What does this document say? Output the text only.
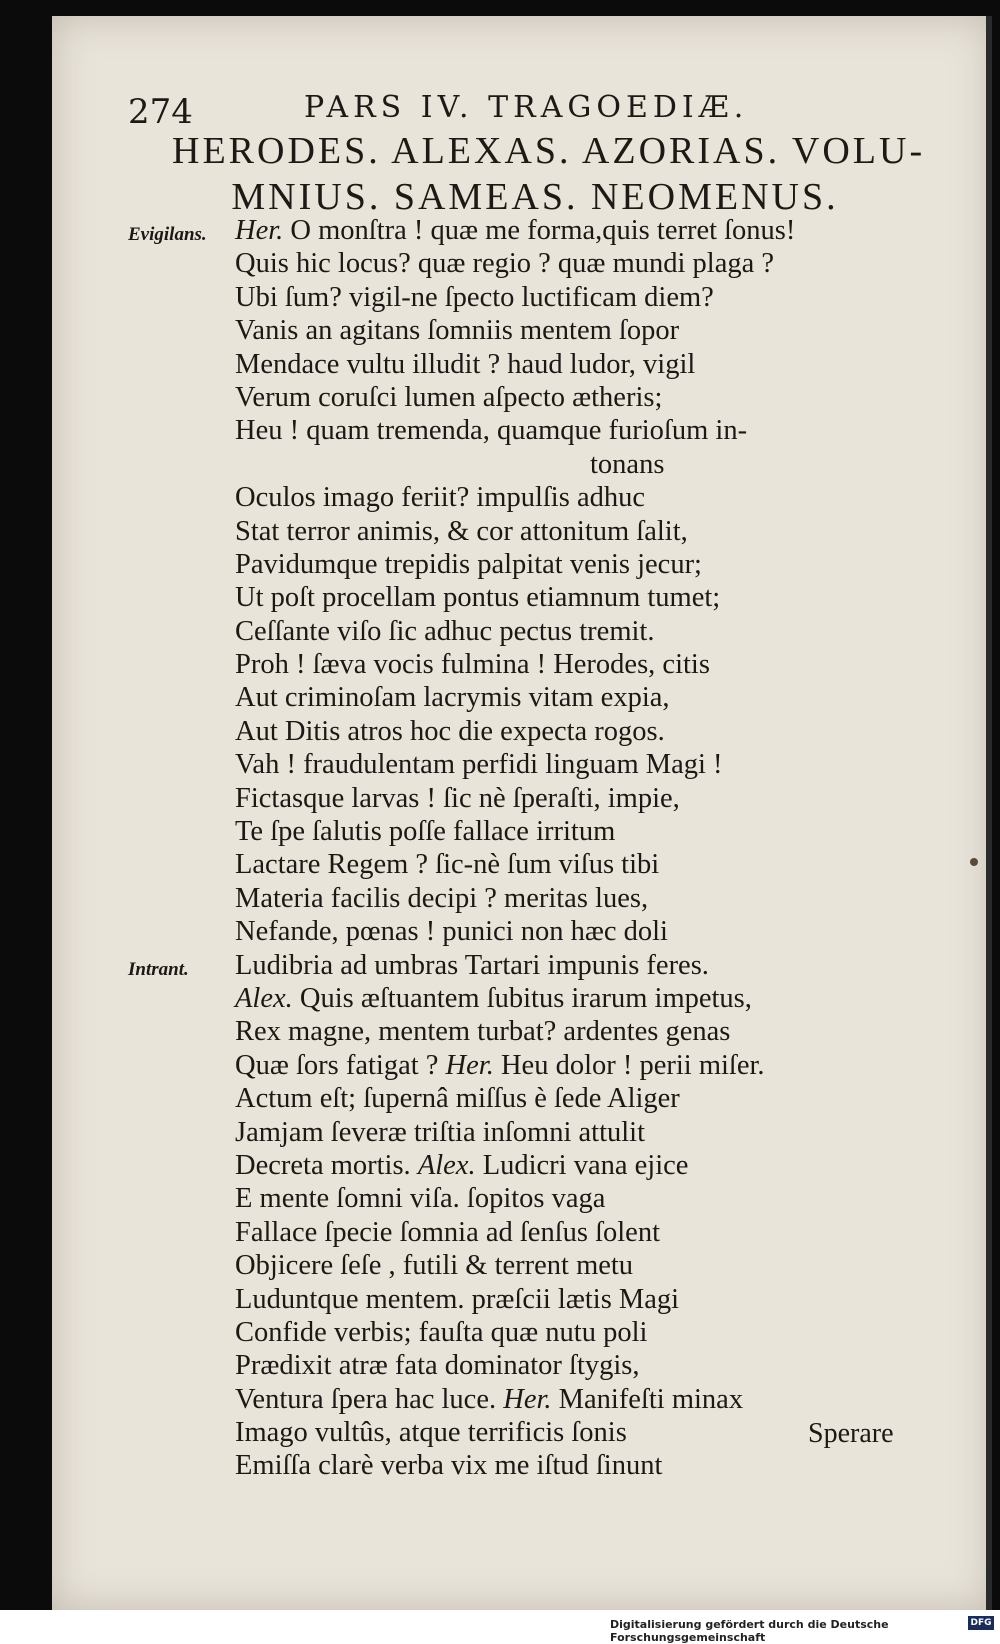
274	PARS IV. TRAGOEDIÆ.
HERODES. ALEXAS. AZORIAS. VOLU-
MNIUS. SAMEAS. NEOMENUS.
Evigilans. Her. O monſtra ! quæ me forma,quis terret ſonus!
Quis hic locus? quæ regio ? quæ mundi plaga ?
Ubi ſum? vigil-ne ſpecto luctificam diem?
Vanis an agitans ſomniis mentem ſopor
Mendace vultu illudit ? haud ludor, vigil
Verum coruſci lumen aſpecto ætheris;
Heu ! quam tremenda, quamque furioſum in-
tonans
Oculos imago feriit? impulſis adhuc
Stat terror animis, & cor attonitum ſalit,
Pavidumque trepidis palpitat venis jecur;
Ut poſt procellam pontus etiamnum tumet;
Ceſſante viſo ſic adhuc pectus tremit.
Proh ! ſæva vocis fulmina ! Herodes, citis
Aut criminoſam lacrymis vitam expia,
Aut Ditis atros hoc die expecta rogos.
Vah ! fraudulentam perfidi linguam Magi !
Fictasque larvas ! ſic nè ſperaſti, impie,
Te ſpe ſalutis poſſe fallace irritum
Lactare Regem ? ſic-nè ſum viſus tibi
Materia facilis decipi ? meritas lues,
Nefande, pœnas ! punici non hæc doli
Intrant. Ludibria ad umbras Tartari impunis feres.
Alex. Quis æſtuantem ſubitus irarum impetus,
Rex magne, mentem turbat? ardentes genas
Quæ ſors fatigat ? Her. Heu dolor ! perii miſer.
Actum eſt; ſupernâ miſſus è ſede Aliger
Jamjam ſeveræ triſtia inſomni attulit
Decreta mortis. Alex. Ludicri vana ejice
E mente ſomni viſa. ſopitos vaga
Fallace ſpecie ſomnia ad ſenſus ſolent
Objicere ſeſe , futili & terrent metu
Luduntque mentem. præſcii lætis Magi
Confide verbis; fauſta quæ nutu poli
Prædixit atræ fata dominator ſtygis,
Ventura ſpera hac luce. Her. Manifeſti minax
Imago vultûs, atque terrificis ſonis
Emiſſa clarè verba vix me iſtud ſinunt
Sperare
Digitalisierung gefördert durch die Deutsche Forschungsgemeinschaft
DFG
